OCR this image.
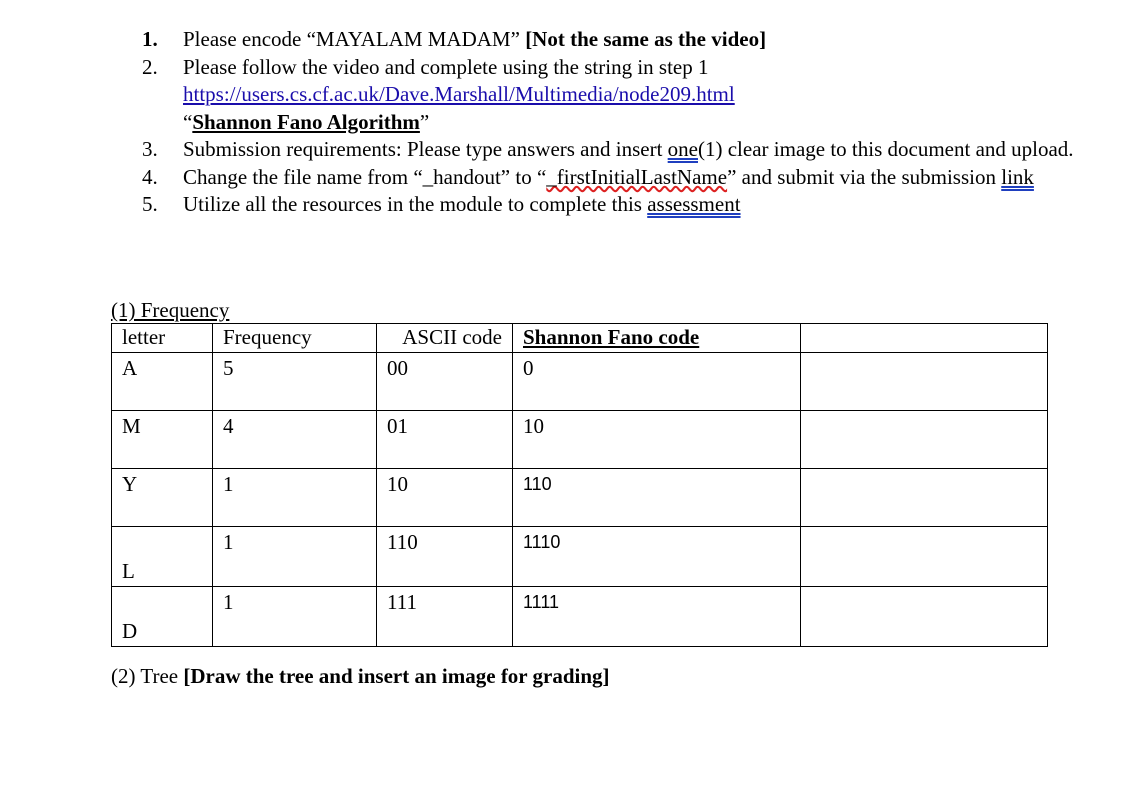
1.	Please encode “MAYALAM MADAM” [Not the same as the video]
2.	Please follow the video and complete using the string in step 1
https://users.cs.cf.ac.uk/Dave.Marshall/Multimedia/node209.html
“Shannon Fano Algorithm”
3.	Submission requirements: Please type answers and insert one(1) clear image to this document and upload.
4.	Change the file name from “_handout” to “_firstInitialLastName” and submit via the submission link
5.	Utilize all the resources in the module to complete this assessment
(1) Frequency
letter	Frequency	ASCII code	Shannon Fano code	
A	5	00	0	
M	4	01	10	
Y	1	10	110	
L	1	110	1110	
D	1	111	1111	
(2) Tree [Draw the tree and insert an image for grading]
